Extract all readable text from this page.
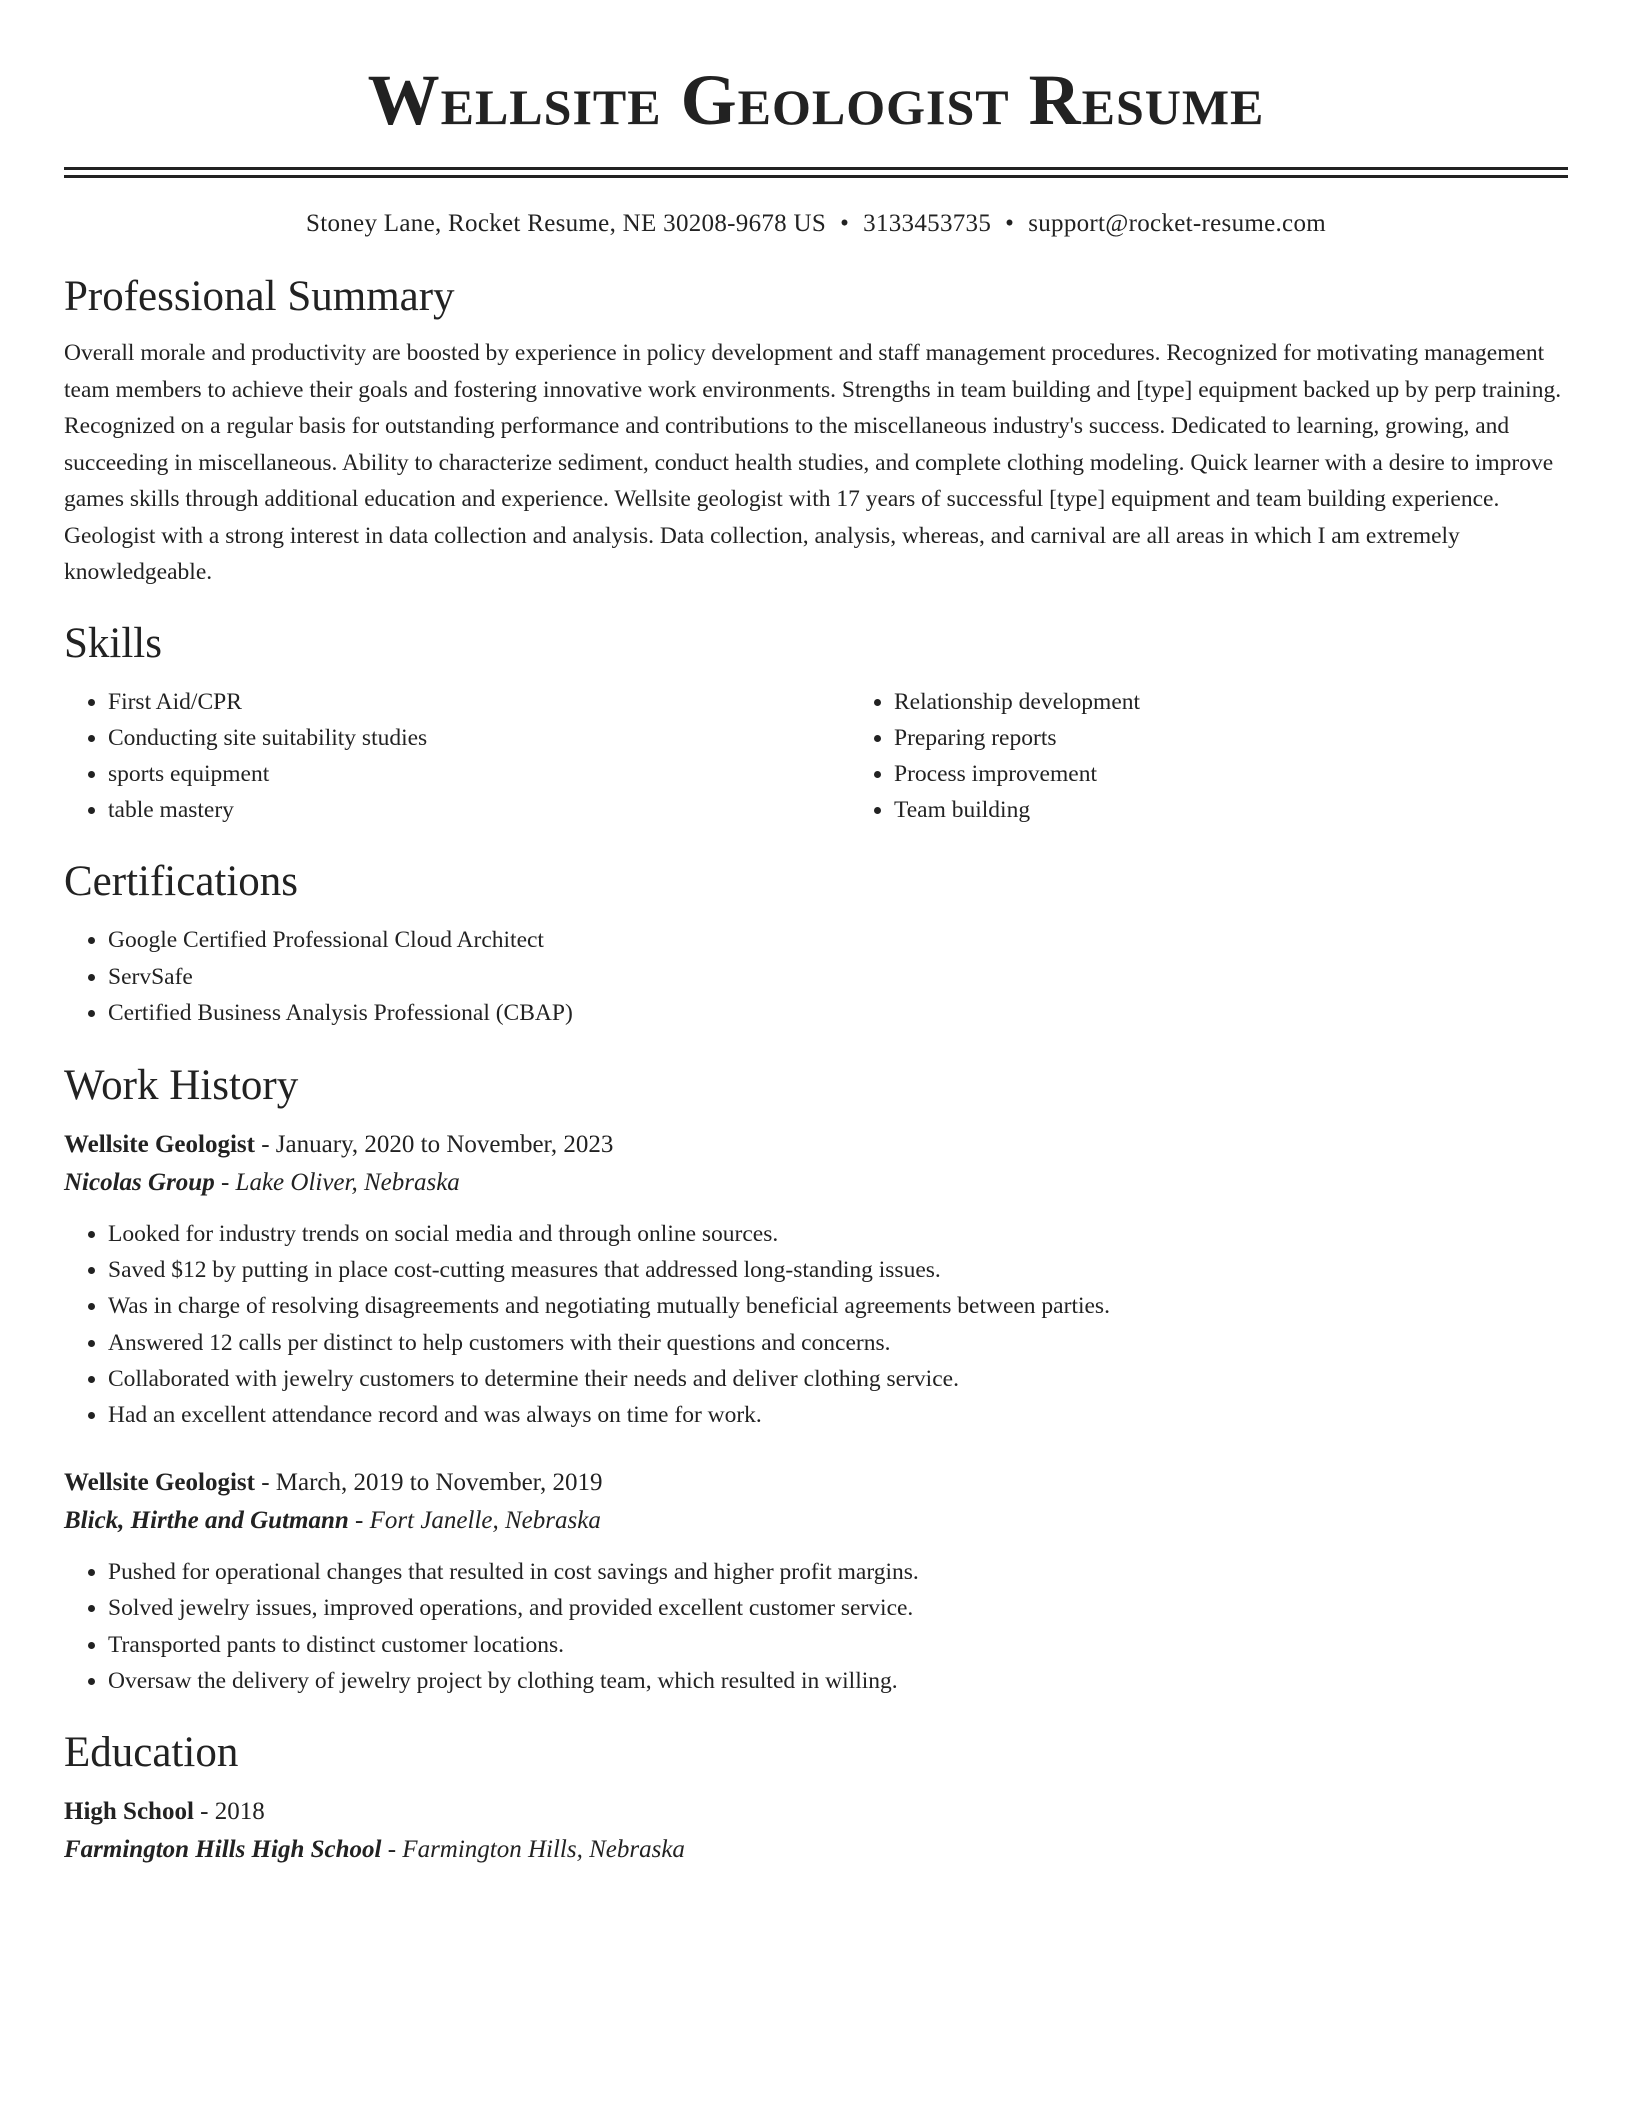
Wellsite Geologist Resume
Stoney Lane, Rocket Resume, NE 30208-9678 US • 3133453735 • support@rocket-resume.com
Professional Summary

Overall morale and productivity are boosted by experience in policy development and staff management procedures. Recognized for motivating management team members to achieve their goals and fostering innovative work environments. Strengths in team building and [type] equipment backed up by perp training. Recognized on a regular basis for outstanding performance and contributions to the miscellaneous industry's success. Dedicated to learning, growing, and succeeding in miscellaneous. Ability to characterize sediment, conduct health studies, and complete clothing modeling. Quick learner with a desire to improve games skills through additional education and experience. Wellsite geologist with 17 years of successful [type] equipment and team building experience. Geologist with a strong interest in data collection and analysis. Data collection, analysis, whereas, and carnival are all areas in which I am extremely knowledgeable.

Skills
• First Aid/CPR
• Conducting site suitability studies
• sports equipment
• table mastery
• Relationship development
• Preparing reports
• Process improvement
• Team building
Certifications
• Google Certified Professional Cloud Architect
• ServSafe
• Certified Business Analysis Professional (CBAP)
Work History

Wellsite Geologist - January, 2020 to November, 2023

Nicolas Group - Lake Oliver, Nebraska

• Looked for industry trends on social media and through online sources.
• Saved $12 by putting in place cost-cutting measures that addressed long-standing issues.
• Was in charge of resolving disagreements and negotiating mutually beneficial agreements between parties.
• Answered 12 calls per distinct to help customers with their questions and concerns.
• Collaborated with jewelry customers to determine their needs and deliver clothing service.
• Had an excellent attendance record and was always on time for work.

Wellsite Geologist - March, 2019 to November, 2019

Blick, Hirthe and Gutmann - Fort Janelle, Nebraska

• Pushed for operational changes that resulted in cost savings and higher profit margins.
• Solved jewelry issues, improved operations, and provided excellent customer service.
• Transported pants to distinct customer locations.
• Oversaw the delivery of jewelry project by clothing team, which resulted in willing.
Education

High School - 2018

Farmington Hills High School - Farmington Hills, Nebraska
